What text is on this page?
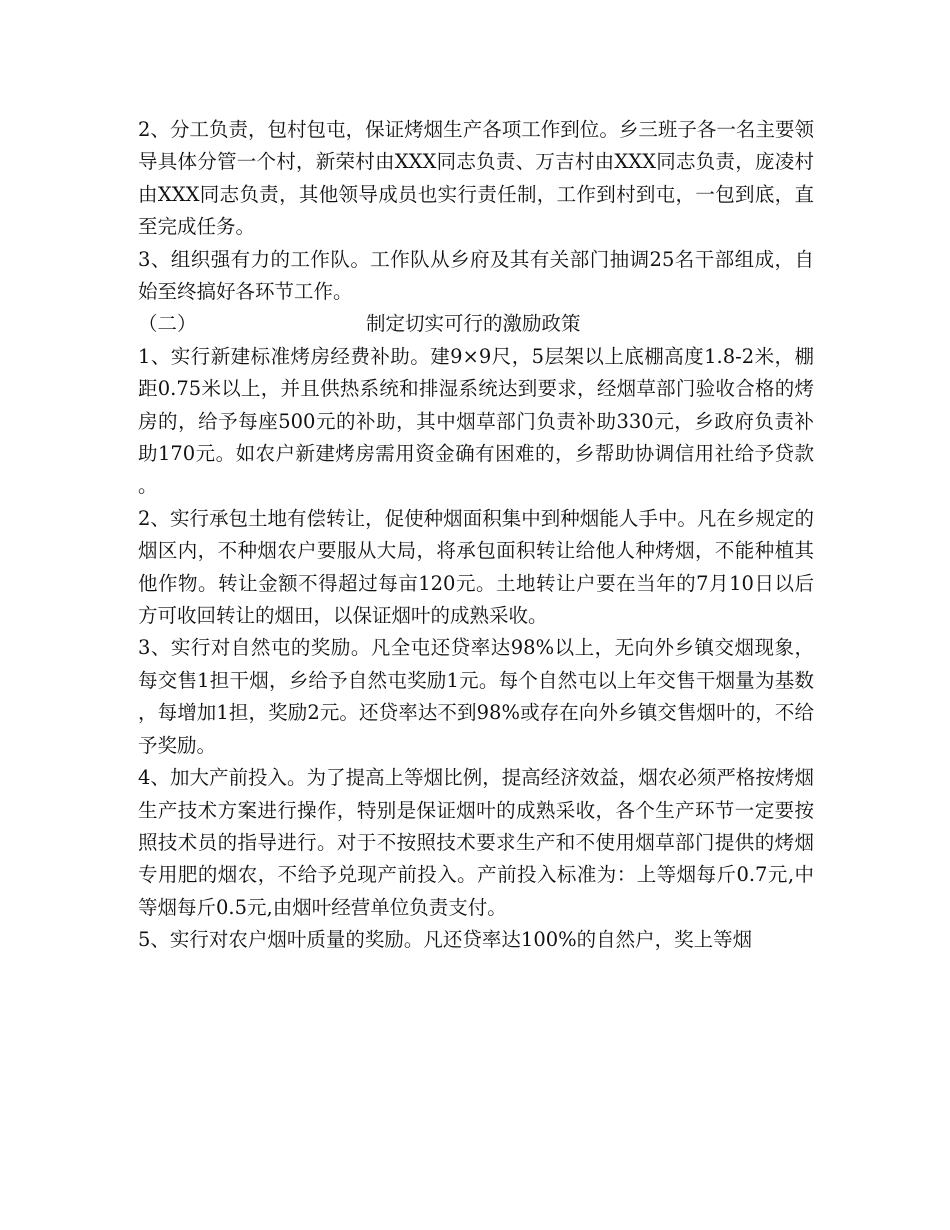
2、分工负责，包村包屯，保证烤烟生产各项工作到位。乡三班子各一名主要领导具体分管一个村，新荣村由XXX同志负责、万吉村由XXX同志负责，庞凌村由XXX同志负责，其他领导成员也实行责任制，工作到村到屯，一包到底，直至完成任务。

3、组织强有力的工作队。工作队从乡府及其有关部门抽调25名干部组成，自始至终搞好各环节工作。

（二）	制定切实可行的激励政策

1、实行新建标准烤房经费补助。建9×9尺，5层架以上底棚高度1.8-2米，棚距0.75米以上，并且供热系统和排湿系统达到要求，经烟草部门验收合格的烤房的，给予每座500元的补助，其中烟草部门负责补助330元，乡政府负责补助170元。如农户新建烤房需用资金确有困难的，乡帮助协调信用社给予贷款。

2、实行承包土地有偿转让，促使种烟面积集中到种烟能人手中。凡在乡规定的烟区内，不种烟农户要服从大局，将承包面积转让给他人种烤烟，不能种植其他作物。转让金额不得超过每亩120元。土地转让户要在当年的7月10日以后方可收回转让的烟田，以保证烟叶的成熟采收。

3、实行对自然屯的奖励。凡全屯还贷率达98%以上，无向外乡镇交烟现象，每交售1担干烟，乡给予自然屯奖励1元。每个自然屯以上年交售干烟量为基数，每增加1担，奖励2元。还贷率达不到98%或存在向外乡镇交售烟叶的，不给予奖励。

4、加大产前投入。为了提高上等烟比例，提高经济效益，烟农必须严格按烤烟生产技术方案进行操作，特别是保证烟叶的成熟采收，各个生产环节一定要按照技术员的指导进行。对于不按照技术要求生产和不使用烟草部门提供的烤烟专用肥的烟农，不给予兑现产前投入。产前投入标准为：上等烟每斤0.7元,中等烟每斤0.5元,由烟叶经营单位负责支付。

5、实行对农户烟叶质量的奖励。凡还贷率达100%的自然户，奖上等烟
